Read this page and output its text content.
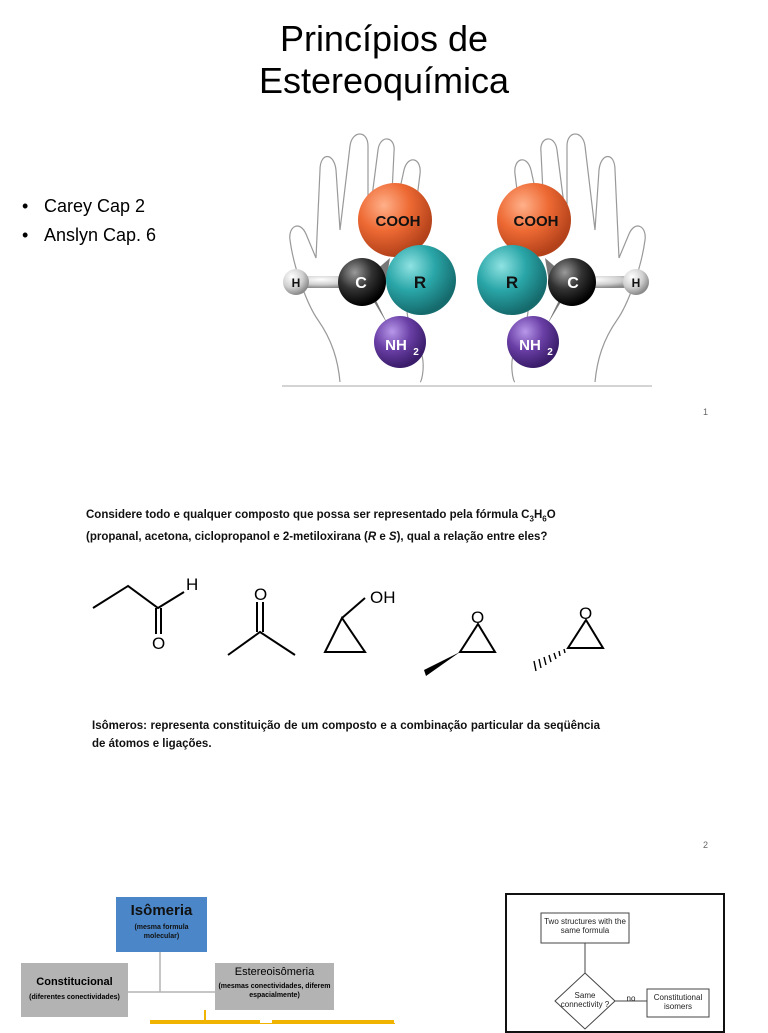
Princípios de
Estereoquímica
• Carey Cap 2
• Anslyn Cap. 6
COOH	COOH
H	H
C	C
R	R
NH 2	NH 2
1
Considere todo e qualquer composto que possa ser representado pela fórmula $C_3H_6O$
(propanal, acetona, ciclopropanol e 2-metiloxirana (R e S), qual a relação entre eles?
H
O
O	OH
O	O
Isômeros: representa constituição de um composto e a combinação particular da seqüência de átomos e ligações.
2
Isômeria
(mesma formula molecular)
Constitucional
(diferentes conectividades)
Estereoisômeria
(mesmas conectividades, diferem espacialmente)
Two structures with the same formula
Same connectivity ?
no	Constitutional isomers
